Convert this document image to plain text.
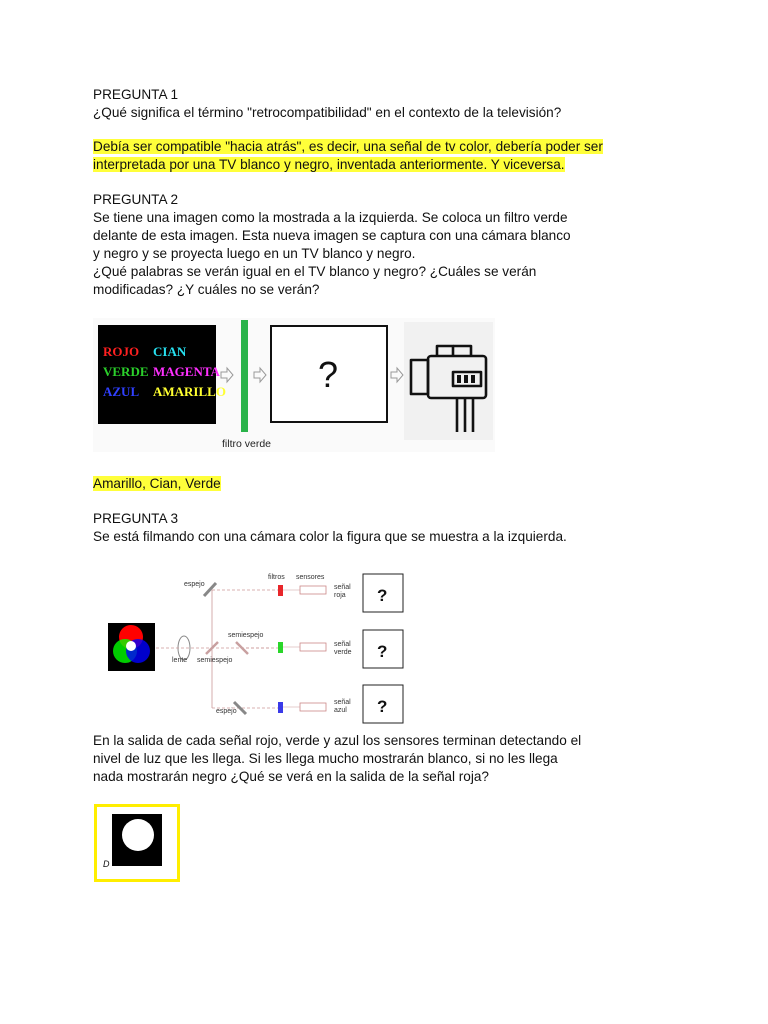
PREGUNTA 1
¿Qué significa el término "retrocompatibilidad" en el contexto de la televisión?
Debía ser compatible "hacia atrás", es decir, una señal de tv color, debería poder ser
interpretada por una TV blanco y negro, inventada anteriormente. Y viceversa.
PREGUNTA 2
Se tiene una imagen como la mostrada a la izquierda. Se coloca un filtro verde
delante de esta imagen. Esta nueva imagen se captura con una cámara blanco
y negro y se proyecta luego en un TV blanco y negro.
¿Qué palabras se verán igual en el TV blanco y negro? ¿Cuáles se verán
modificadas? ¿Y cuáles no se verán?
ROJO CIAN
VERDE MAGENTA
AZUL AMARILLO
filtro verde
?
Amarillo, Cian, Verde
PREGUNTA 3
Se está filmando con una cámara color la figura que se muestra a la izquierda.
lente
espejo
semiespejo
semiespejo
espejo
filtros sensores
señal
roja
señal
verde
señal
azul
?
?
?
En la salida de cada señal rojo, verde y azul los sensores terminan detectando el
nivel de luz que les llega. Si les llega mucho mostrarán blanco, si no les llega
nada mostrarán negro ¿Qué se verá en la salida de la señal roja?
D
